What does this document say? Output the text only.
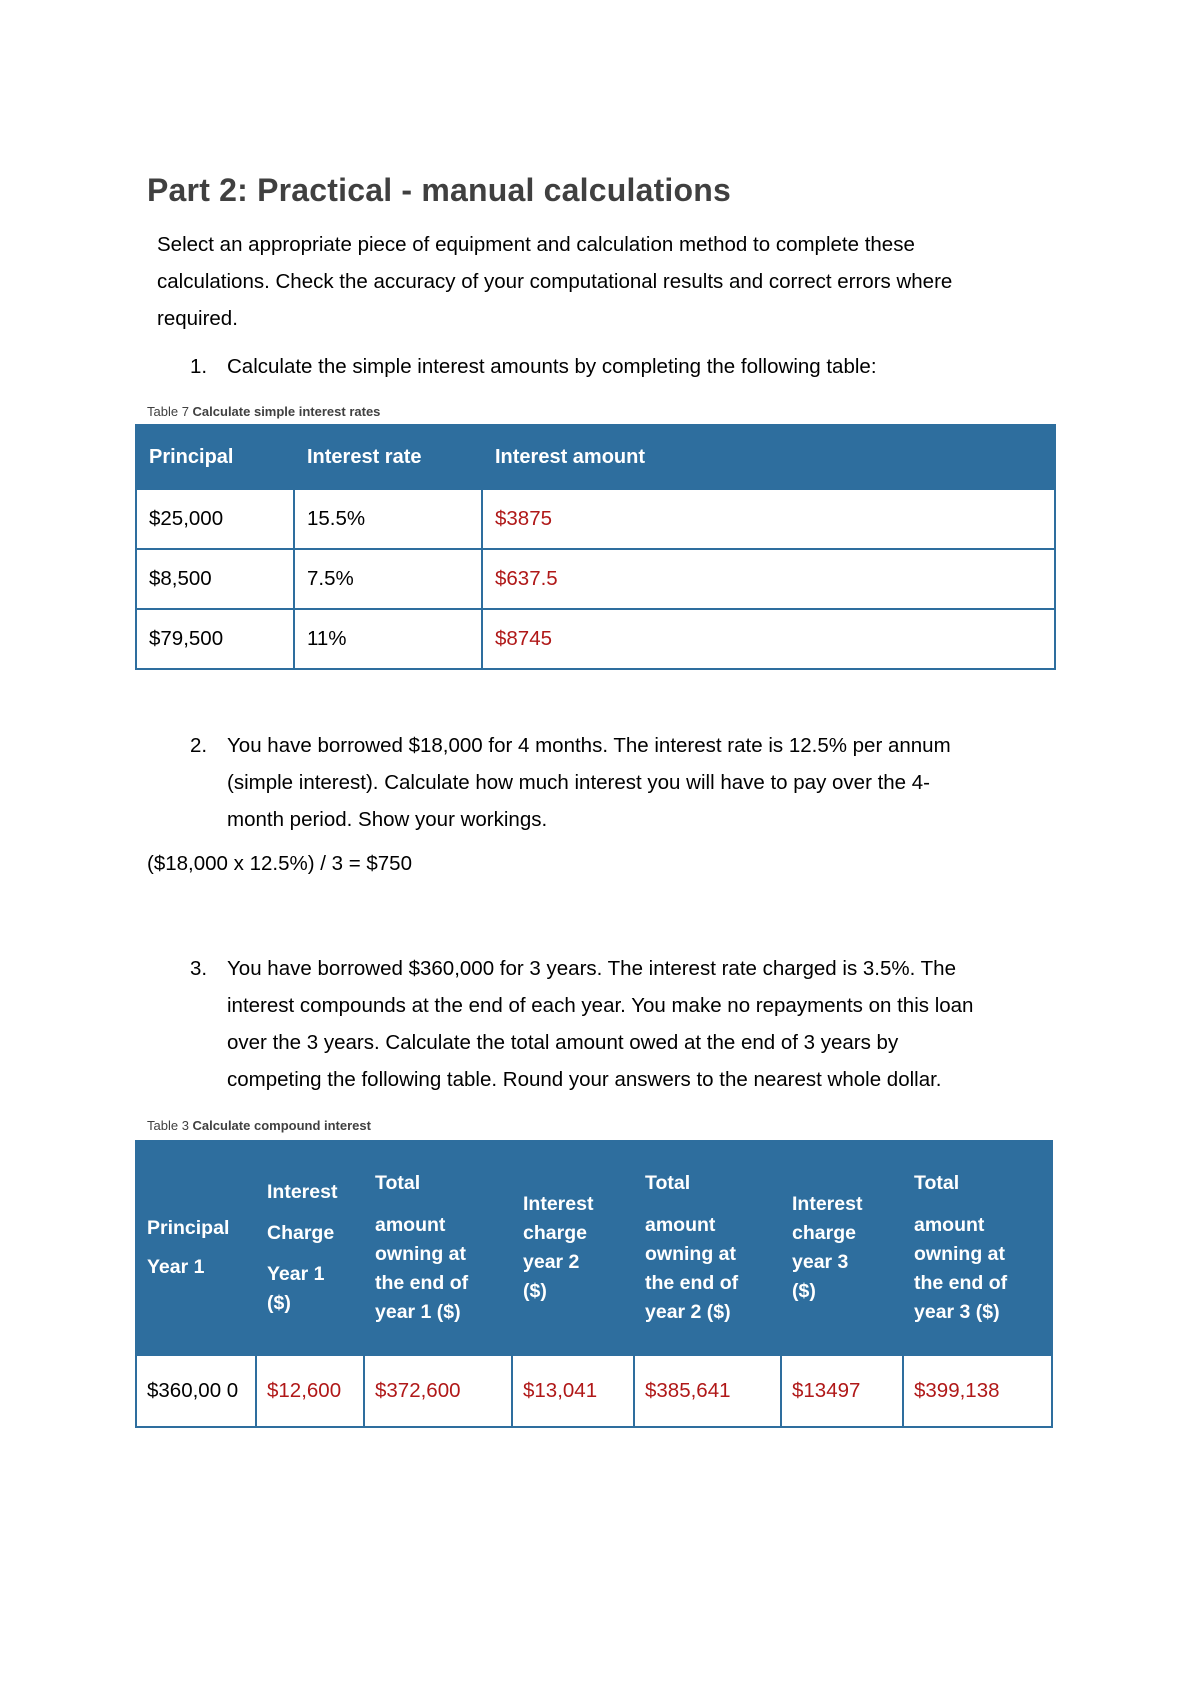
Part 2: Practical - manual calculations
Select an appropriate piece of equipment and calculation method to complete these
calculations. Check the accuracy of your computational results and correct errors where
required.
1. Calculate the simple interest amounts by completing the following table:
Table 7 Calculate simple interest rates
Principal	Interest rate	Interest amount
$25,000	15.5%	$3875
$8,500	7.5%	$637.5
$79,500	11%	$8745
2. You have borrowed $18,000 for 4 months. The interest rate is 12.5% per annum
(simple interest). Calculate how much interest you will have to pay over the 4-
month period. Show your workings.
($18,000 x 12.5%) / 3 = $750
3. You have borrowed $360,000 for 3 years. The interest rate charged is 3.5%. The
interest compounds at the end of each year. You make no repayments on this loan
over the 3 years. Calculate the total amount owed at the end of 3 years by
competing the following table. Round your answers to the nearest whole dollar.
Table 3 Calculate compound interest
Principal
Year 1	Interest
Charge
Year 1
($)	Total
amount
owning at
the end of
year 1 ($)	Interest
charge
year 2
($)	Total
amount
owning at
the end of
year 2 ($)	Interest
charge
year 3
($)	Total
amount
owning at
the end of
year 3 ($)

$360,00 0	$12,600	$372,600	$13,041	$385,641	$13497	$399,138
